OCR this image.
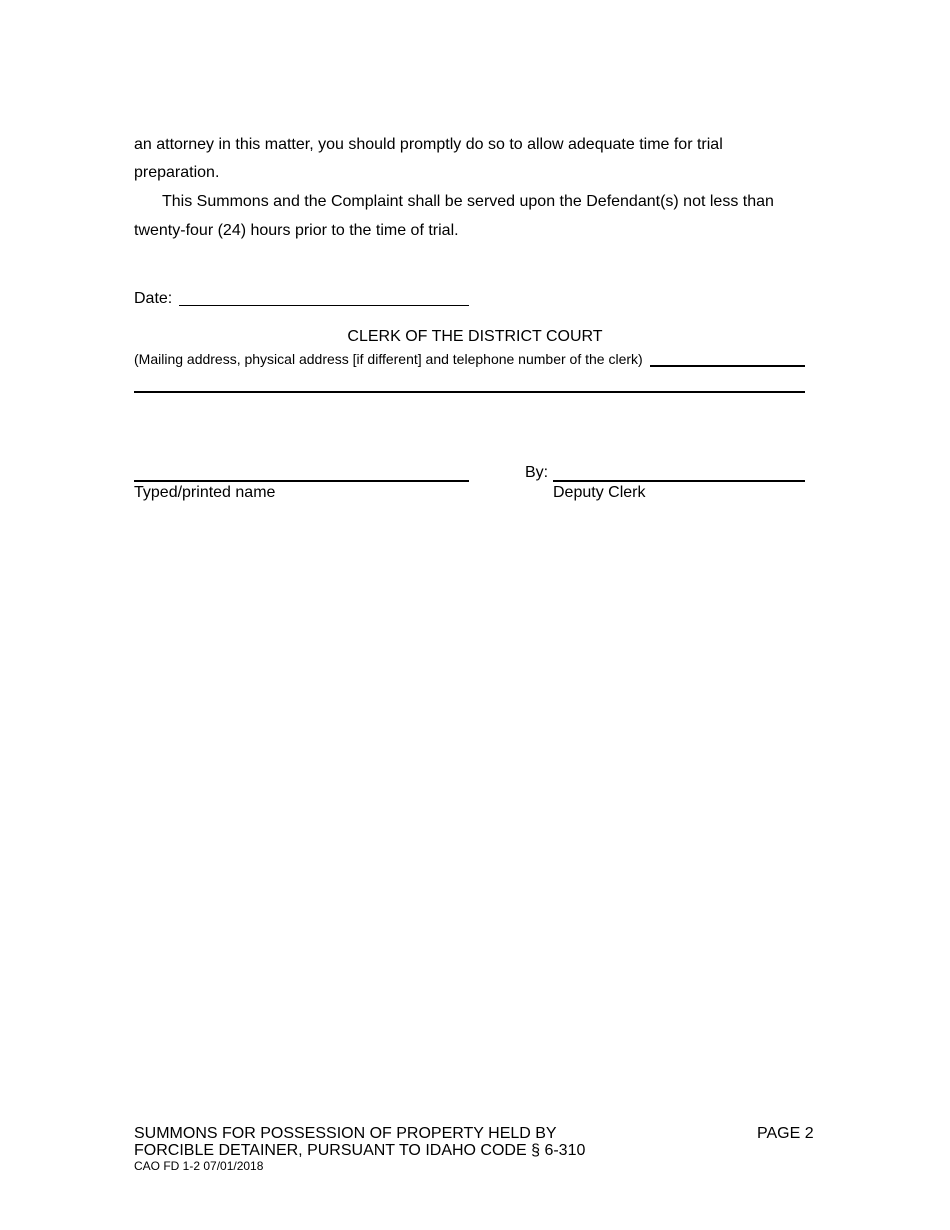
an attorney in this matter, you should promptly do so to allow adequate time for trial
preparation.
This Summons and the Complaint shall be served upon the Defendant(s) not less than
twenty-four (24) hours prior to the time of trial.
Date:
CLERK OF THE DISTRICT COURT
(Mailing address, physical address [if different] and telephone number of the clerk)
Typed/printed name
By:
Deputy Clerk
SUMMONS FOR POSSESSION OF PROPERTY HELD BY
FORCIBLE DETAINER, PURSUANT TO IDAHO CODE § 6-310
CAO FD 1-2 07/01/2018
PAGE 2
